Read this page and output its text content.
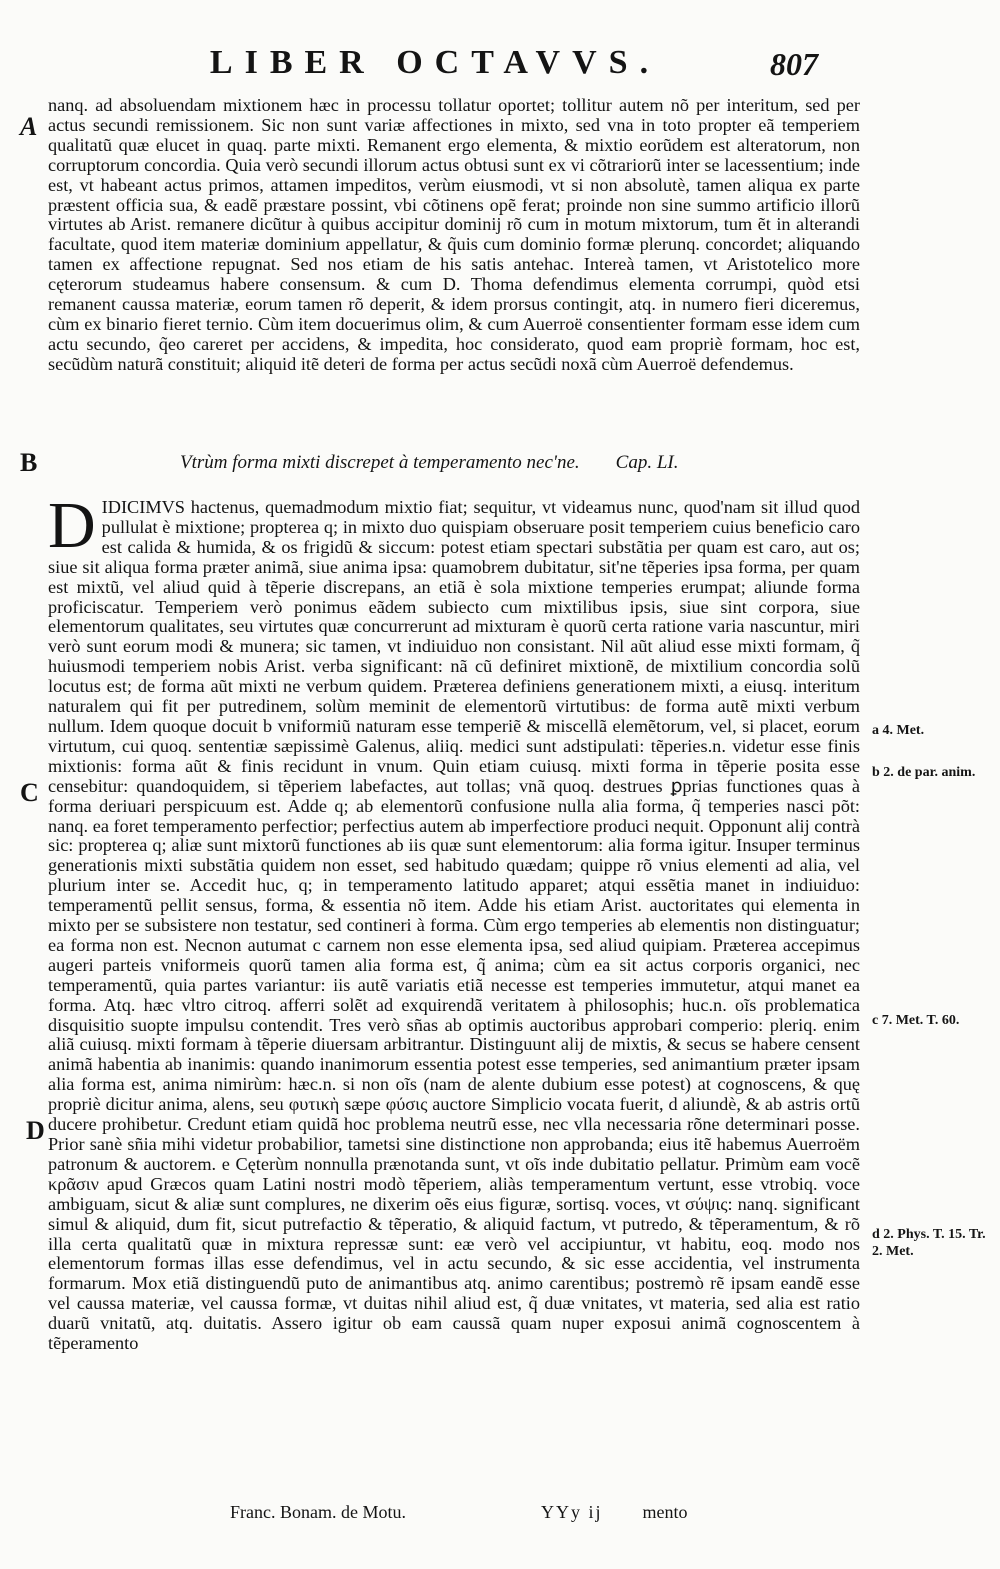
LIBER OCTAVVS.	807
A
B
C
D

nanq. ad absoluendam mixtionem hæc in processu tollatur oportet; tollitur autem nõ per interitum, sed per actus secundi remissionem. Sic non sunt variæ affectiones in mixto, sed vna in toto propter eã temperiem qualitatũ quæ elucet in quaq. parte mixti. Remanent ergo elementa, & mixtio eorũdem est alteratorum, non corruptorum concordia. Quia verò secundi illorum actus obtusi sunt ex vi cõtrariorũ inter se lacessentium; inde est, vt habeant actus primos, attamen impeditos, verùm eiusmodi, vt si non absolutè, tamen aliqua ex parte præstent officia sua, & eadẽ præstare possint, vbi cõtinens opẽ ferat; proinde non sine summo artificio illorũ virtutes ab Arist. remanere dicũtur à quibus accipitur dominij rõ cum in motum mixtorum, tum ẽt in alterandi facultate, quod item materiæ dominium appellatur, & q̃uis cum dominio formæ plerunq. concordet; aliquando tamen ex affectione repugnat. Sed nos etiam de his satis antehac. Intereà tamen, vt Aristotelico more cęterorum studeamus habere consensum. & cum D. Thoma defendimus elementa corrumpi, quòd etsi remanent caussa materiæ, eorum tamen rõ deperit, & idem prorsus contingit, atq. in numero fieri diceremus, cùm ex binario fieret ternio. Cùm item docuerimus olim, & cum Auerroë consentienter formam esse idem cum actu secundo, q̃eo careret per accidens, & impedita, hoc considerato, quod eam propriè formam, hoc est, secũdùm naturã constituit; aliquid itẽ deteri de forma per actus secũdi noxã cùm Auerroë defendemus.

Vtrùm forma mixti discrepet à temperamento nec'ne. Cap. LI.

DIDICIMVS hactenus, quemadmodum mixtio fiat; sequitur, vt videamus nunc, quod'nam sit illud quod pullulat è mixtione; propterea q; in mixto duo quispiam obseruare posit temperiem cuius beneficio caro est calida & humida, & os frigidũ & siccum: potest etiam spectari substãtia per quam est caro, aut os; siue sit aliqua forma præter animã, siue anima ipsa: quamobrem dubitatur, sit'ne tẽperies ipsa forma, per quam est mixtũ, vel aliud quid à tẽperie discrepans, an etiã è sola mixtione temperies erumpat; aliunde forma proficiscatur. Temperiem verò ponimus eãdem subiecto cum mixtilibus ipsis, siue sint corpora, siue elementorum qualitates, seu virtutes quæ concurrerunt ad mixturam è quorũ certa ratione varia nascuntur, miri verò sunt eorum modi & munera; sic tamen, vt indiuiduo non consistant. Nil aũt aliud esse mixti formam, q̃ huiusmodi temperiem nobis Arist. verba significant: nã cũ definiret mixtionẽ, de mixtilium concordia solũ locutus est; de forma aũt mixti ne verbum quidem. Præterea definiens generationem mixti, a eiusq. interitum naturalem qui fit per putredinem, solùm meminit de elementorũ virtutibus: de forma autẽ mixti verbum nullum. Idem quoque docuit b vniformiũ naturam esse temperiẽ & miscellã elemẽtorum, vel, si placet, eorum virtutum, cui quoq. sententiæ sæpissimè Galenus, aliiq. medici sunt adstipulati: tẽperies.n. videtur esse finis mixtionis: forma aũt & finis recidunt in vnum. Quin etiam cuiusq. mixti forma in tẽperie posita esse censebitur: quandoquidem, si tẽperiem labefactes, aut tollas; vnã quoq. destrues ꝑprias functiones quas à forma deriuari perspicuum est. Adde q; ab elementorũ confusione nulla alia forma, q̃ temperies nasci põt: nanq. ea foret temperamento perfectior; perfectius autem ab imperfectiore produci nequit. Opponunt alij contrà sic: propterea q; aliæ sunt mixtorũ functiones ab iis quæ sunt elementorum: alia forma igitur. Insuper terminus generationis mixti substãtia quidem non esset, sed habitudo quædam; quippe rõ vnius elementi ad alia, vel plurium inter se. Accedit huc, q; in temperamento latitudo apparet; atqui essẽtia manet in indiuiduo: temperamentũ pellit sensus, forma, & essentia nõ item. Adde his etiam Arist. auctoritates qui elementa in mixto per se subsistere non testatur, sed contineri à forma. Cùm ergo temperies ab elementis non distinguatur; ea forma non est. Necnon autumat c carnem non esse elementa ipsa, sed aliud quipiam. Præterea accepimus augeri parteis vniformeis quorũ tamen alia forma est, q̃ anima; cùm ea sit actus corporis organici, nec temperamentũ, quia partes variantur: iis autẽ variatis etiã necesse est temperies immutetur, atqui manet ea forma. Atq. hæc vltro citroq. afferri solẽt ad exquirendã veritatem à philosophis; huc.n. oĩs problematica disquisitio suopte impulsu contendit. Tres verò sñas ab optimis auctoribus approbari comperio: pleriq. enim aliã cuiusq. mixti formam à tẽperie diuersam arbitrantur. Distinguunt alij de mixtis, & secus se habere censent animã habentia ab inanimis: quando inanimorum essentia potest esse temperies, sed animantium præter ipsam alia forma est, anima nimirùm: hæc.n. si non oĩs (nam de alente dubium esse potest) at cognoscens, & quę propriè dicitur anima, alens, seu φυτικὴ sæpe φύσις auctore Simplicio vocata fuerit, d aliundè, & ab astris ortũ ducere prohibetur. Credunt etiam quidã hoc problema neutrũ esse, nec vlla necessaria rõne determinari posse. Prior sanè sñia mihi videtur probabilior, tametsi sine distinctione non approbanda; eius itẽ habemus Auerroëm patronum & auctorem. e Cęterùm nonnulla prænotanda sunt, vt oĩs inde dubitatio pellatur. Primùm eam vocẽ κρᾶσιν apud Græcos quam Latini nostri modò tẽperiem, aliàs temperamentum vertunt, esse vtrobiq. voce ambiguam, sicut & aliæ sunt complures, ne dixerim oẽs eius figuræ, sortisq. voces, vt σύψις: nanq. significant simul & aliquid, dum fit, sicut putrefactio & tẽperatio, & aliquid factum, vt putredo, & tẽperamentum, & rõ illa certa qualitatũ quæ in mixtura repressæ sunt: eæ verò vel accipiuntur, vt habitu, eoq. modo nos elementorum formas illas esse defendimus, vel in actu secundo, & sic esse accidentia, vel instrumenta formarum. Mox etiã distinguendũ puto de animantibus atq. animo carentibus; postremò rẽ ipsam eandẽ esse vel caussa materiæ, vel caussa formæ, vt duitas nihil aliud est, q̃ duæ vnitates, vt materia, sed alia est ratio duarũ vnitatũ, atq. duitatis. Assero igitur ob eam caussã quam nuper exposui animã cognoscentem à tẽperamento

a 4. Met.
b 2. de par. anim.
c 7. Met. T. 60.
d 2. Phys. T. 15. Tr. 2. Met.
Franc. Bonam. de Motu.	YYy ij mento
